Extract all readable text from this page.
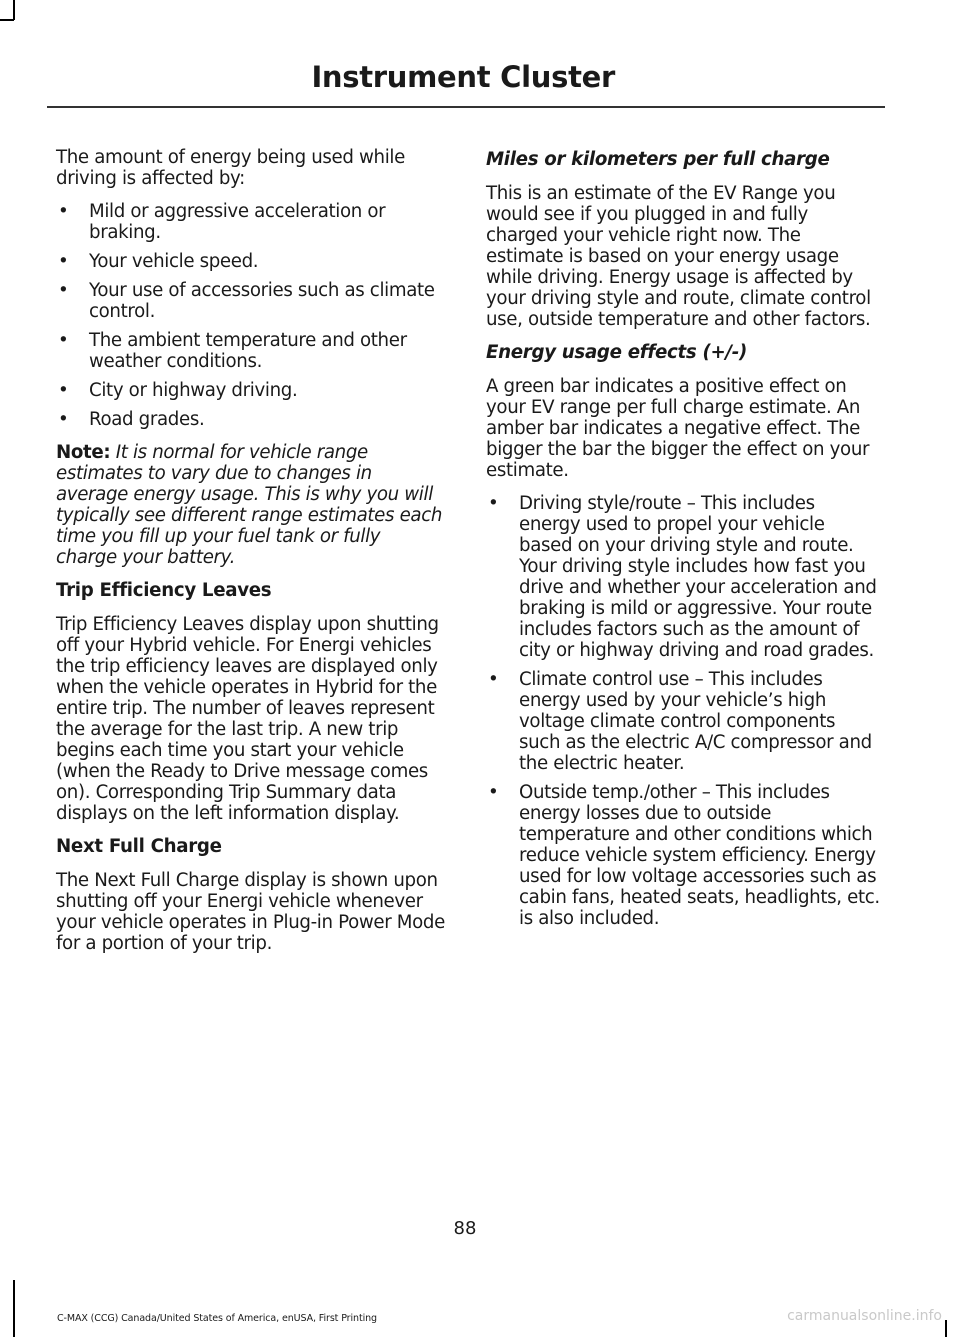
Instrument Cluster

The amount of energy being used while driving is affected by:

• Mild or aggressive acceleration or braking.
• Your vehicle speed.
• Your use of accessories such as climate control.
• The ambient temperature and other weather conditions.
• City or highway driving.
• Road grades.

Note: It is normal for vehicle range estimates to vary due to changes in average energy usage. This is why you will typically see different range estimates each time you fill up your fuel tank or fully charge your battery.

Trip Efficiency Leaves

Trip Efficiency Leaves display upon shutting off your Hybrid vehicle. For Energi vehicles the trip efficiency leaves are displayed only when the vehicle operates in Hybrid for the entire trip. The number of leaves represent the average for the last trip. A new trip begins each time you start your vehicle (when the Ready to Drive message comes on). Corresponding Trip Summary data displays on the left information display.

Next Full Charge

The Next Full Charge display is shown upon shutting off your Energi vehicle whenever your vehicle operates in Plug-in Power Mode for a portion of your trip.

Miles or kilometers per full charge

This is an estimate of the EV Range you would see if you plugged in and fully charged your vehicle right now. The estimate is based on your energy usage while driving. Energy usage is affected by your driving style and route, climate control use, outside temperature and other factors.

Energy usage effects (+/-)

A green bar indicates a positive effect on your EV range per full charge estimate. An amber bar indicates a negative effect. The bigger the bar the bigger the effect on your estimate.

• Driving style/route – This includes energy used to propel your vehicle based on your driving style and route. Your driving style includes how fast you drive and whether your acceleration and braking is mild or aggressive. Your route includes factors such as the amount of city or highway driving and road grades.
• Climate control use – This includes energy used by your vehicle’s high voltage climate control components such as the electric A/C compressor and the electric heater.
• Outside temp./other – This includes energy losses due to outside temperature and other conditions which reduce vehicle system efficiency. Energy used for low voltage accessories such as cabin fans, heated seats, headlights, etc. is also included.
88
C-MAX (CCG) Canada/United States of America, enUSA, First Printing	carmanualsonline.info
